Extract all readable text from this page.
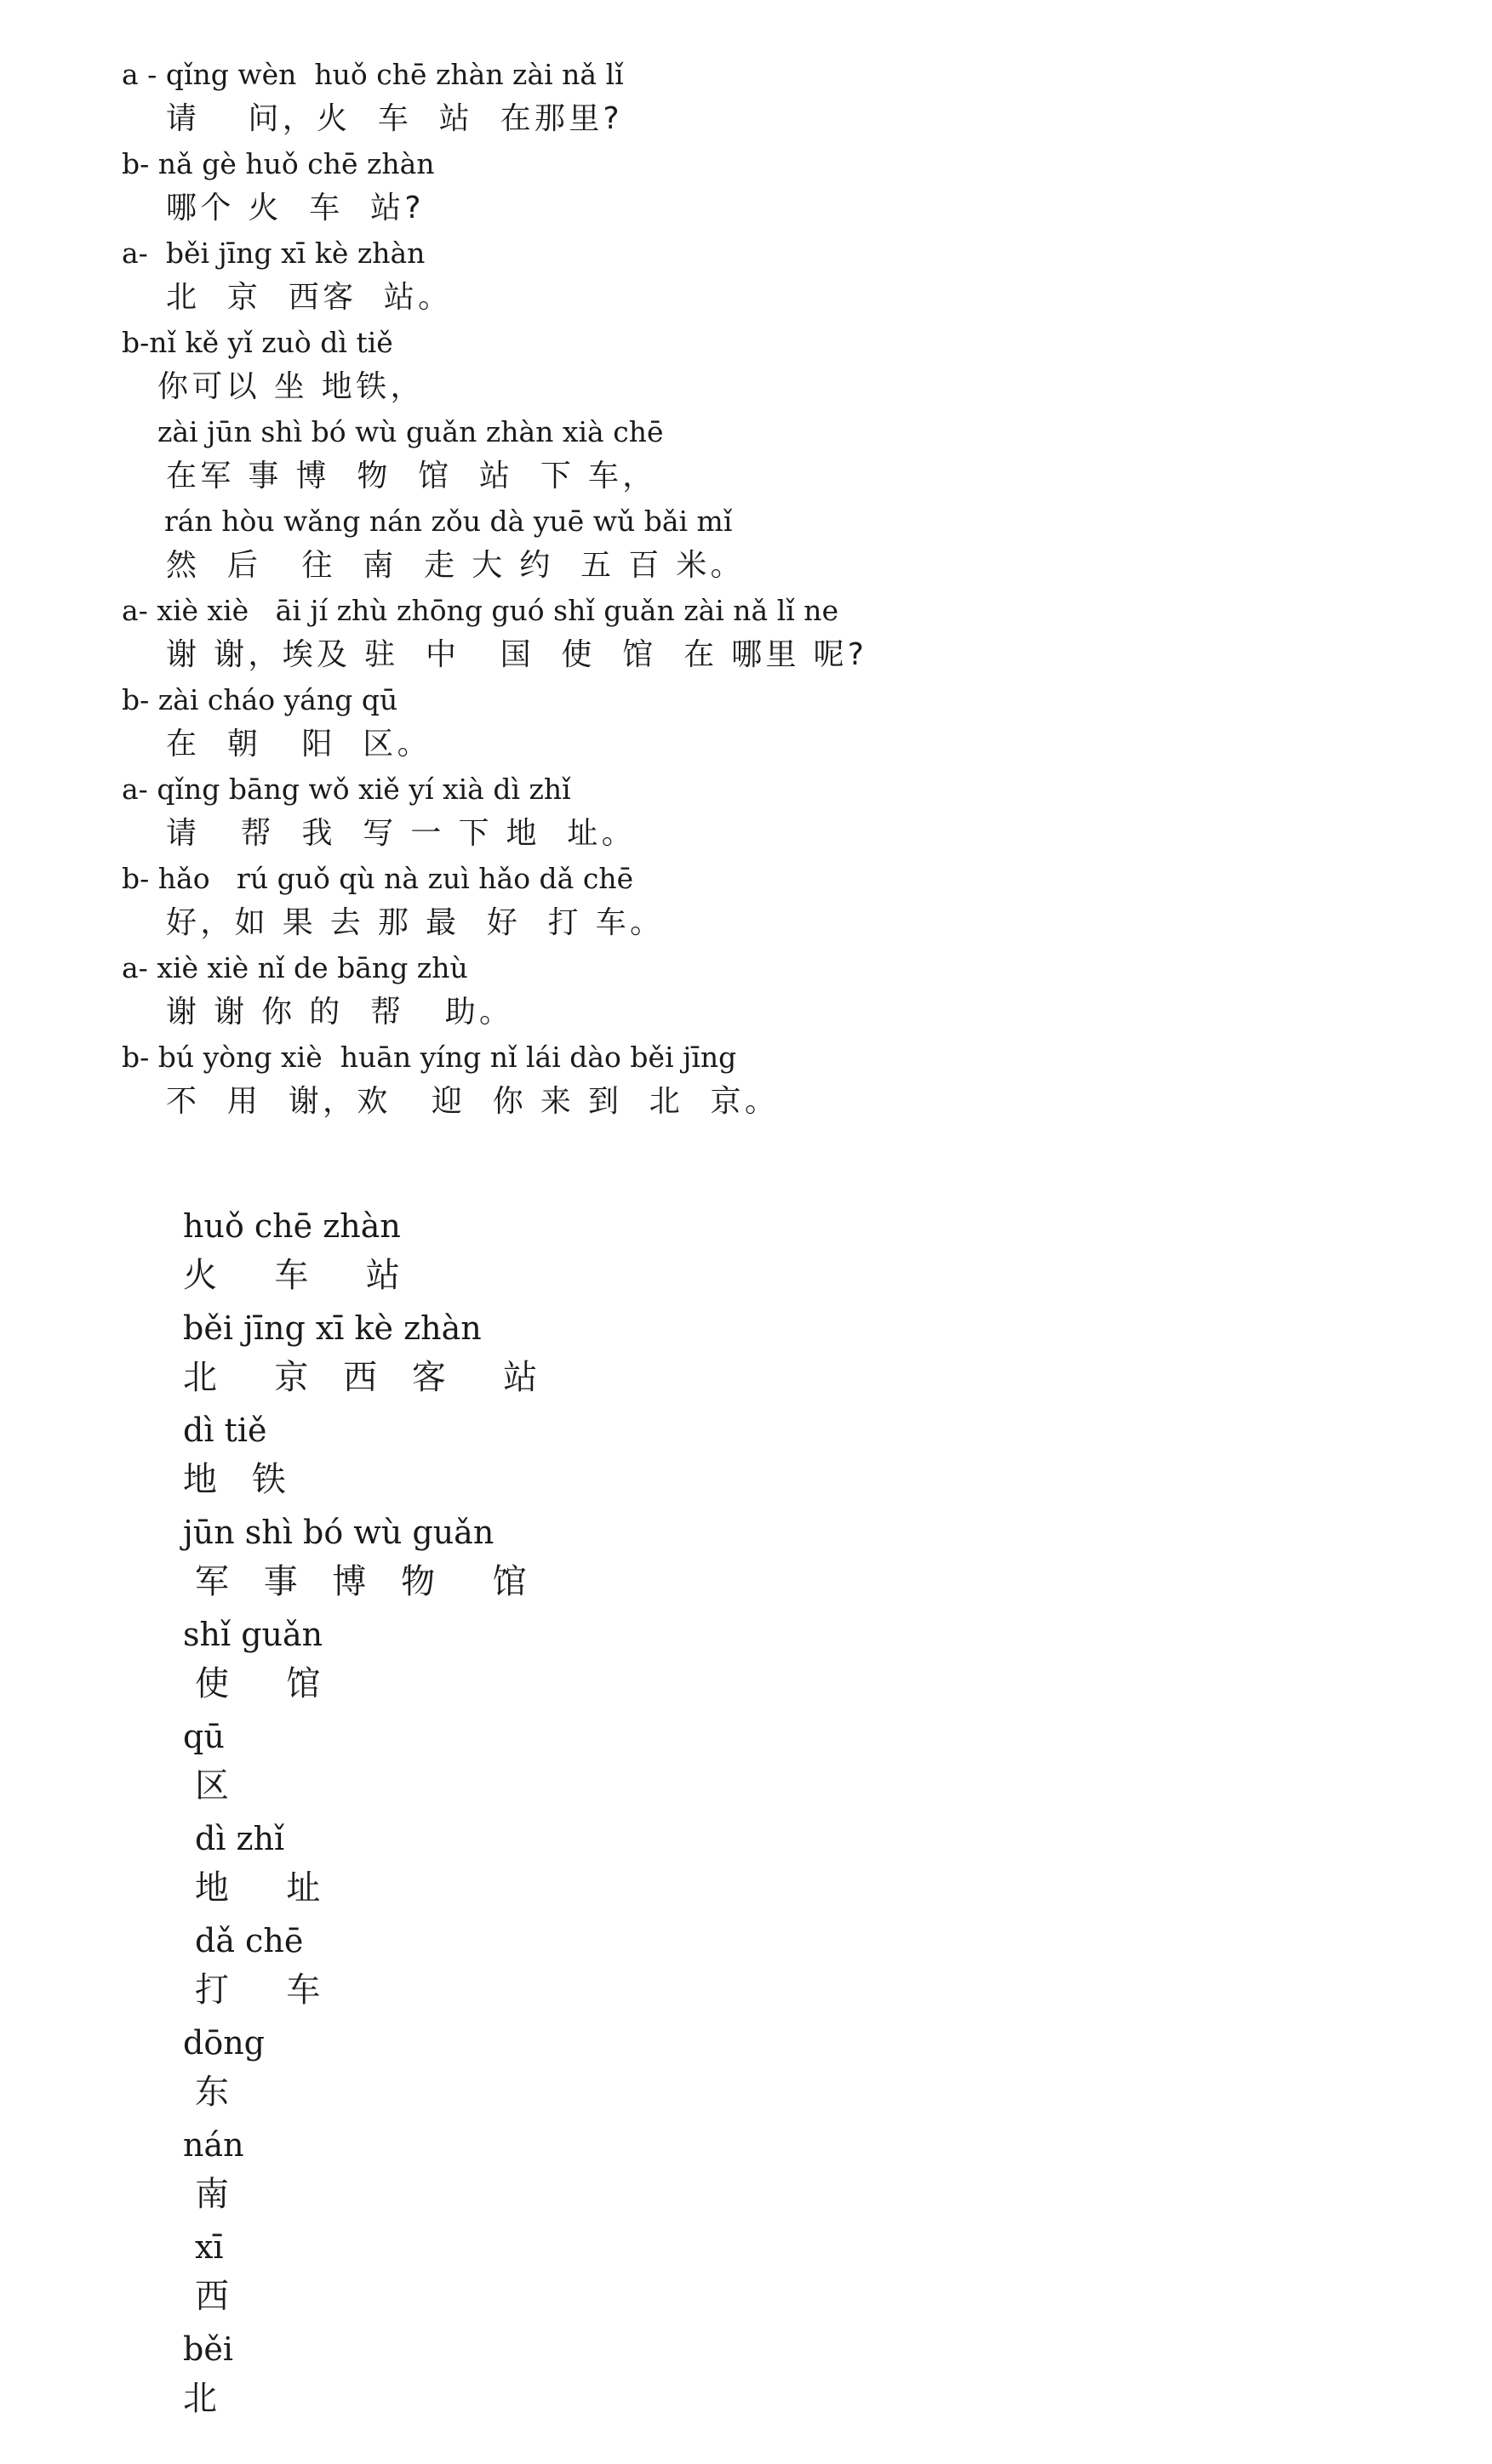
a - qǐng wèn  huǒ chē zhàn zài nǎ lǐ
请　 问，火  车  站  在那里?
b- nǎ gè huǒ chē zhàn
哪个 火  车  站?
a-  běi jīng xī kè zhàn
北  京  西客  站。
b-nǐ kě yǐ zuò dì tiě
你可以 坐 地铁，
zài jūn shì bó wù guǎn zhàn xià chē
在军 事 博  物  馆  站  下 车，
rán hòu wǎng nán zǒu dà yuē wǔ bǎi mǐ
然  后   往  南  走 大 约  五 百 米。
a- xiè xiè   āi jí zhù zhōng guó shǐ guǎn zài nǎ lǐ ne
谢 谢，埃及 驻  中   国  使  馆  在 哪里 呢?
b- zài cháo yáng qū
在  朝   阳  区。
a- qǐng bāng wǒ xiě yí xià dì zhǐ
请   帮  我  写 一 下 地  址。
b- hǎo   rú guǒ qù nà zuì hǎo dǎ chē
好，如 果 去 那 最  好  打 车。
a- xiè xiè nǐ de bāng zhù
谢 谢 你 的  帮   助。
b- bú yòng xiè  huān yíng nǐ lái dào běi jīng
不  用  谢，欢   迎  你 来 到  北  京。
huǒ chē zhàn
火  车  站
běi jīng xī kè zhàn
北  京 西 客  站
dì tiě
地 铁
jūn shì bó wù guǎn
军 事 博 物  馆
shǐ guǎn
使  馆
qū
区
dì zhǐ
地  址
dǎ chē
打  车
dōng
东
nán
南
xī
西
běi
北
